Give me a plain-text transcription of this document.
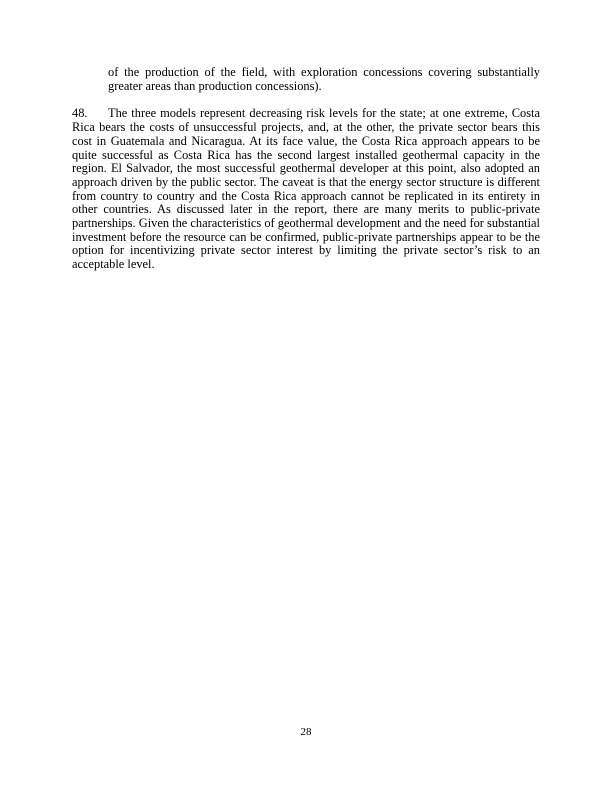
of the production of the field, with exploration concessions covering substantially greater areas than production concessions).

48. The three models represent decreasing risk levels for the state; at one extreme, Costa Rica bears the costs of unsuccessful projects, and, at the other, the private sector bears this cost in Guatemala and Nicaragua. At its face value, the Costa Rica approach appears to be quite successful as Costa Rica has the second largest installed geothermal capacity in the region. El Salvador, the most successful geothermal developer at this point, also adopted an approach driven by the public sector. The caveat is that the energy sector structure is different from country to country and the Costa Rica approach cannot be replicated in its entirety in other countries. As discussed later in the report, there are many merits to public-private partnerships. Given the characteristics of geothermal development and the need for substantial investment before the resource can be confirmed, public-private partnerships appear to be the option for incentivizing private sector interest by limiting the private sector’s risk to an acceptable level.

28
